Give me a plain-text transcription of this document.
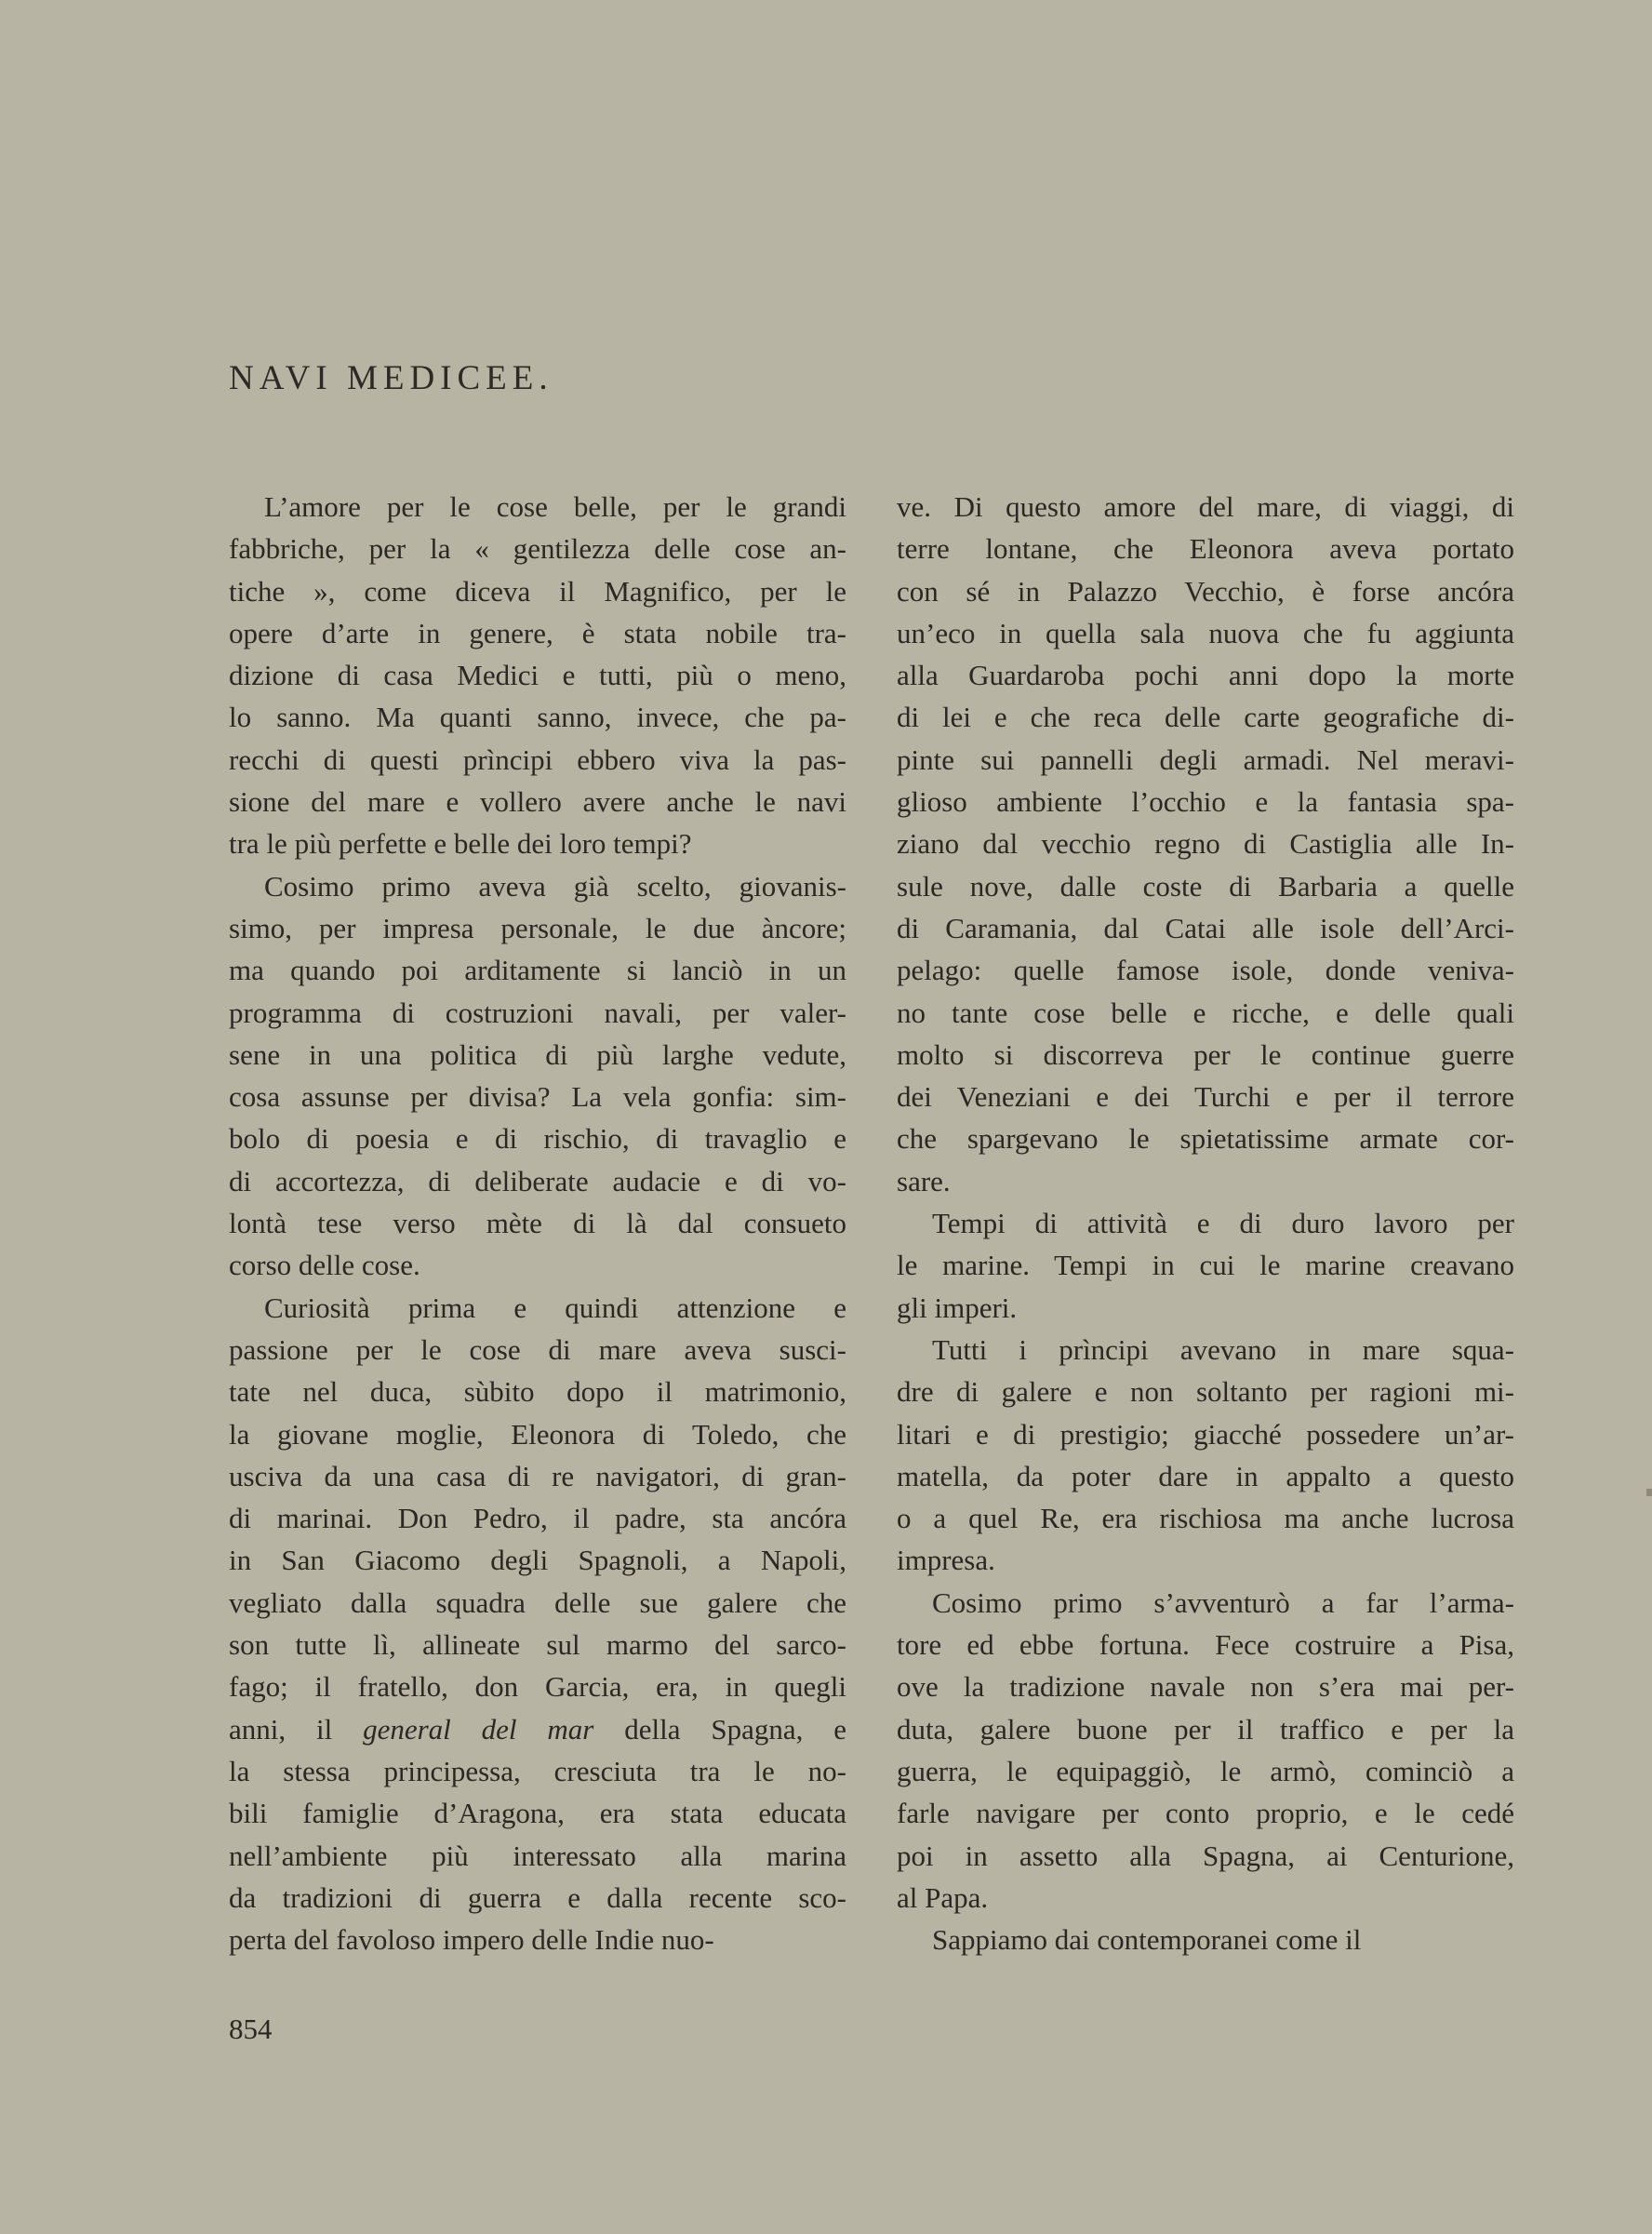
NAVI MEDICEE.

L’amore per le cose belle, per le grandi

fabbriche, per la « gentilezza delle cose an-

tiche », come diceva il Magnifico, per le

opere d’arte in genere, è stata nobile tra-

dizione di casa Medici e tutti, più o meno,

lo sanno. Ma quanti sanno, invece, che pa-

recchi di questi prìncipi ebbero viva la pas-

sione del mare e vollero avere anche le navi

tra le più perfette e belle dei loro tempi?

Cosimo primo aveva già scelto, giovanis-

simo, per impresa personale, le due àncore;

ma quando poi arditamente si lanciò in un

programma di costruzioni navali, per valer-

sene in una politica di più larghe vedute,

cosa assunse per divisa? La vela gonfia: sim-

bolo di poesia e di rischio, di travaglio e

di accortezza, di deliberate audacie e di vo-

lontà tese verso mète di là dal consueto

corso delle cose.

Curiosità prima e quindi attenzione e

passione per le cose di mare aveva susci-

tate nel duca, sùbito dopo il matrimonio,

la giovane moglie, Eleonora di Toledo, che

usciva da una casa di re navigatori, di gran-

di marinai. Don Pedro, il padre, sta ancóra

in San Giacomo degli Spagnoli, a Napoli,

vegliato dalla squadra delle sue galere che

son tutte lì, allineate sul marmo del sarco-

fago; il fratello, don Garcia, era, in quegli

anni, il general del mar della Spagna, e

la stessa principessa, cresciuta tra le no-

bili famiglie d’Aragona, era stata educata

nell’ambiente più interessato alla marina

da tradizioni di guerra e dalla recente sco-

perta del favoloso impero delle Indie nuo-

ve. Di questo amore del mare, di viaggi, di

terre lontane, che Eleonora aveva portato

con sé in Palazzo Vecchio, è forse ancóra

un’eco in quella sala nuova che fu aggiunta

alla Guardaroba pochi anni dopo la morte

di lei e che reca delle carte geografiche di-

pinte sui pannelli degli armadi. Nel meravi-

glioso ambiente l’occhio e la fantasia spa-

ziano dal vecchio regno di Castiglia alle In-

sule nove, dalle coste di Barbaria a quelle

di Caramania, dal Catai alle isole dell’Arci-

pelago: quelle famose isole, donde veniva-

no tante cose belle e ricche, e delle quali

molto si discorreva per le continue guerre

dei Veneziani e dei Turchi e per il terrore

che spargevano le spietatissime armate cor-

sare.

Tempi di attività e di duro lavoro per

le marine. Tempi in cui le marine creavano

gli imperi.

Tutti i prìncipi avevano in mare squa-

dre di galere e non soltanto per ragioni mi-

litari e di prestigio; giacché possedere un’ar-

matella, da poter dare in appalto a questo

o a quel Re, era rischiosa ma anche lucrosa

impresa.

Cosimo primo s’avventurò a far l’arma-

tore ed ebbe fortuna. Fece costruire a Pisa,

ove la tradizione navale non s’era mai per-

duta, galere buone per il traffico e per la

guerra, le equipaggiò, le armò, cominciò a

farle navigare per conto proprio, e le cedé

poi in assetto alla Spagna, ai Centurione,

al Papa.

Sappiamo dai contemporanei come il

854
